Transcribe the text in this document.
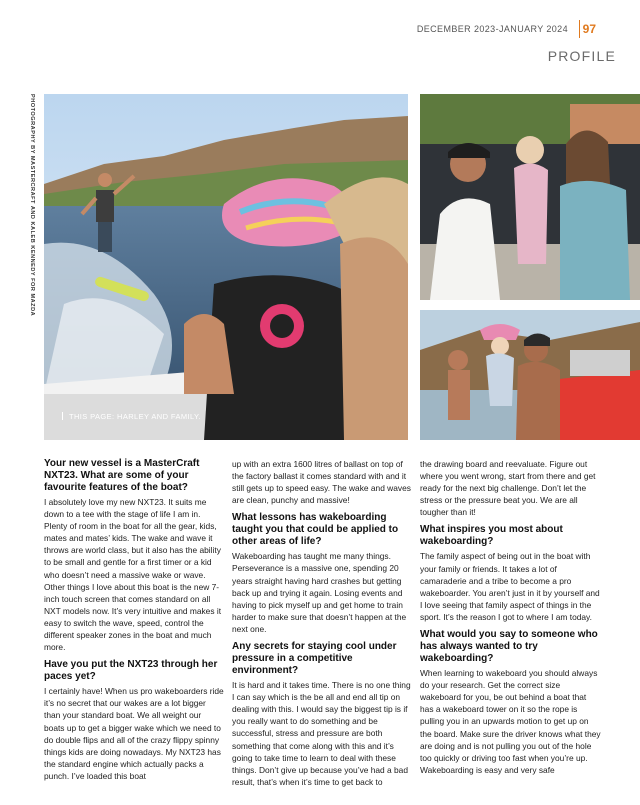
DECEMBER 2023-JANUARY 2024 97
PROFILE
PHOTOGRAPHY BY MASTERCRAFT AND KALEB KENNEDY FOR MAZDA
THIS PAGE: HARLEY AND FAMILY.

Your new vessel is a MasterCraft NXT23. What are some of your favourite features of the boat?

I absolutely love my new NXT23. It suits me down to a tee with the stage of life I am in. Plenty of room in the boat for all the gear, kids, mates and mates’ kids. The wake and wave it throws are world class, but it also has the ability to be small and gentle for a first timer or a kid who doesn’t need a massive wake or wave. Other things I love about this boat is the new 7-inch touch screen that comes standard on all NXT models now. It’s very intuitive and makes it easy to switch the wave, speed, control the different speaker zones in the boat and much more.

Have you put the NXT23 through her paces yet?

I certainly have! When us pro wakeboarders ride it’s no secret that our wakes are a lot bigger than your standard boat. We all weight our boats up to get a bigger wake which we need to do double flips and all of the crazy flippy spinny things kids are doing nowadays. My NXT23 has the standard engine which actually packs a punch. I’ve loaded this boat

up with an extra 1600 litres of ballast on top of the factory ballast it comes standard with and it still gets up to speed easy. The wake and waves are clean, punchy and massive!

What lessons has wakeboarding taught you that could be applied to other areas of life?

Wakeboarding has taught me many things. Perseverance is a massive one, spending 20 years straight having hard crashes but getting back up and trying it again. Losing events and having to pick myself up and get home to train harder to make sure that doesn’t happen at the next one.

Any secrets for staying cool under pressure in a competitive environment?

It is hard and it takes time. There is no one thing I can say which is the be all and end all tip on dealing with this. I would say the biggest tip is if you really want to do something and be successful, stress and pressure are both something that come along with this and it’s going to take time to learn to deal with these things. Don’t give up because you’ve had a bad result, that’s when it’s time to get back to

the drawing board and reevaluate. Figure out where you went wrong, start from there and get ready for the next big challenge. Don’t let the stress or the pressure beat you. We are all tougher than it!

What inspires you most about wakeboarding?

The family aspect of being out in the boat with your family or friends. It takes a lot of camaraderie and a tribe to become a pro wakeboarder. You aren’t just in it by yourself and I love seeing that family aspect of things in the sport. It’s the reason I got to where I am today.

What would you say to someone who has always wanted to try wakeboarding?

When learning to wakeboard you should always do your research. Get the correct size wakeboard for you, be out behind a boat that has a wakeboard tower on it so the rope is pulling you in an upwards motion to get up on the board. Make sure the driver knows what they are doing and is not pulling you out of the hole too quickly or driving too fast when you’re up. Wakeboarding is easy and very safe
